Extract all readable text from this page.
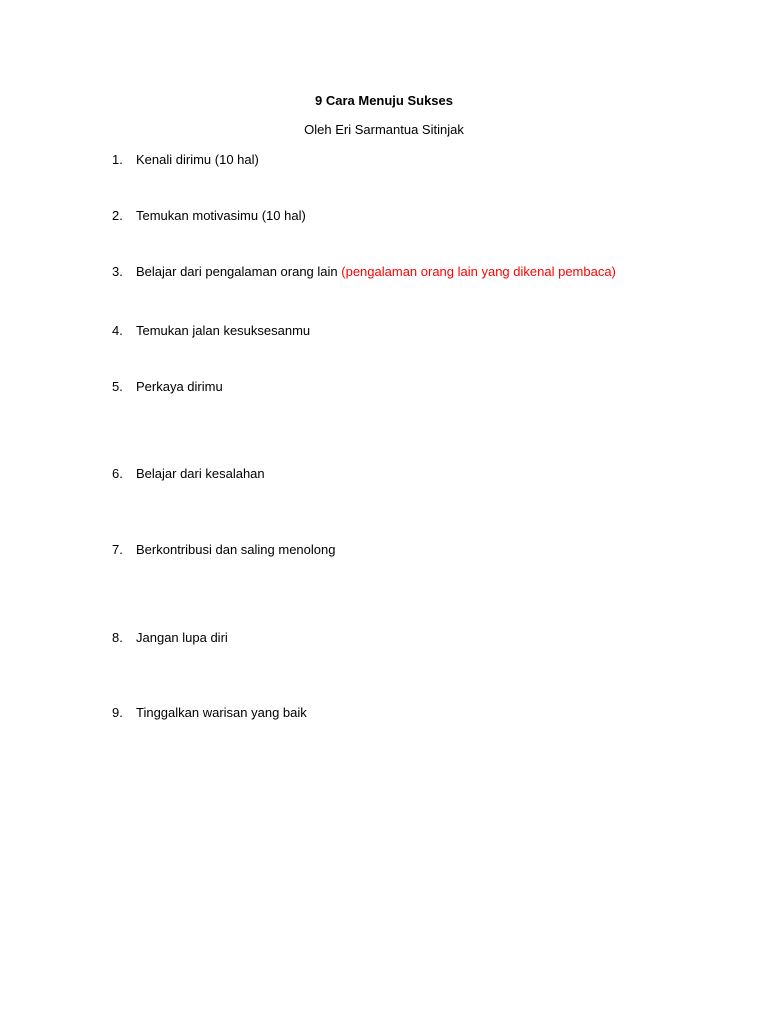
9 Cara Menuju Sukses
Oleh Eri Sarmantua Sitinjak
1. Kenali dirimu (10 hal)
2. Temukan motivasimu (10 hal)
3. Belajar dari pengalaman orang lain (pengalaman orang lain yang dikenal pembaca)
4. Temukan jalan kesuksesanmu
5. Perkaya dirimu
6. Belajar dari kesalahan
7. Berkontribusi dan saling menolong
8. Jangan lupa diri
9. Tinggalkan warisan yang baik
